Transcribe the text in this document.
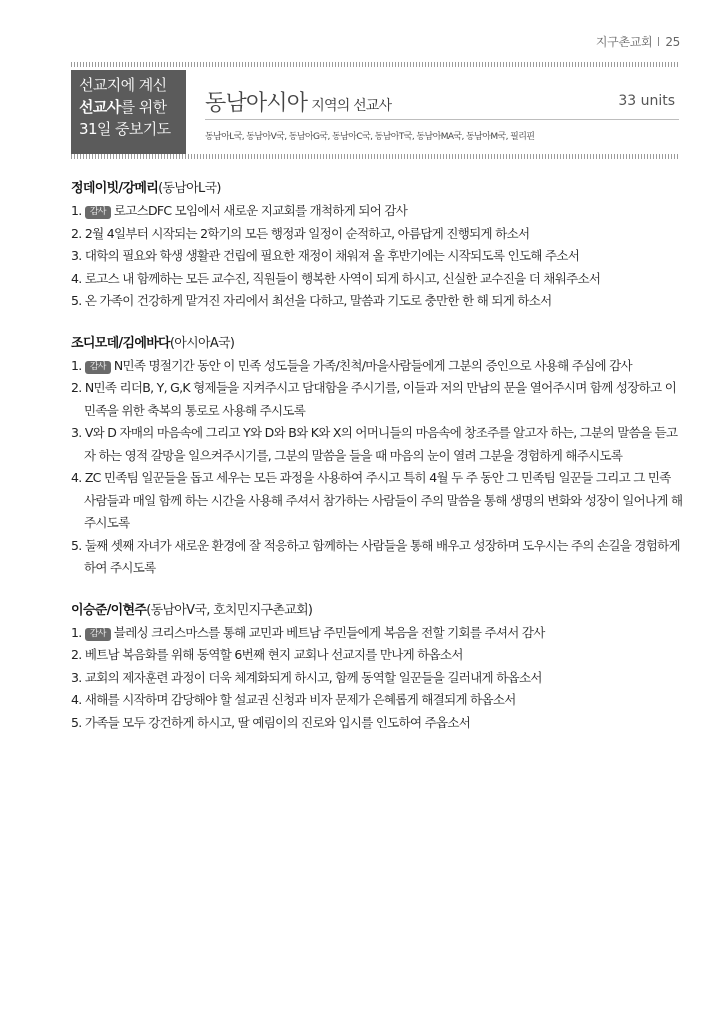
지구촌교회 25
선교지에 계신
선교사를 위한
31일 중보기도
동남아시아 지역의 선교사	33 units
동남아L국, 동남아V국, 동남아G국, 동남아C국, 동남아T국, 동남아MA국, 동남아M국, 필리핀

정데이빗/강메리(동남아L국)

1. 감사 로고스DFC 모임에서 새로운 지교회를 개척하게 되어 감사
2. 2월 4일부터 시작되는 2학기의 모든 행정과 일정이 순적하고, 아름답게 진행되게 하소서
3. 대학의 필요와 학생 생활관 건립에 필요한 재정이 채워져 올 후반기에는 시작되도록 인도해 주소서
4. 로고스 내 함께하는 모든 교수진, 직원들이 행복한 사역이 되게 하시고, 신실한 교수진을 더 채워주소서
5. 온 가족이 건강하게 맡겨진 자리에서 최선을 다하고, 말씀과 기도로 충만한 한 해 되게 하소서

조디모데/김에바다(아시아A국)

1. 감사 N민족 명절기간 동안 이 민족 성도들을 가족/친척/마을사람들에게 그분의 증인으로 사용해 주심에 감사
2. N민족 리더B, Y, G,K 형제들을 지켜주시고 담대함을 주시기를, 이들과 저의 만남의 문을 열어주시며 함께 성장하고 이 민족을 위한 축복의 통로로 사용해 주시도록
3. V와 D 자매의 마음속에 그리고 Y와 D와 B와 K와 X의 어머니들의 마음속에 창조주를 알고자 하는, 그분의 말씀을 듣고자 하는 영적 갈망을 일으켜주시기를, 그분의 말씀을 들을 때 마음의 눈이 열려 그분을 경험하게 해주시도록
4. ZC 민족팀 일꾼들을 돕고 세우는 모든 과정을 사용하여 주시고 특히 4월 두 주 동안 그 민족팀 일꾼들 그리고 그 민족 사람들과 매일 함께 하는 시간을 사용해 주셔서 참가하는 사람들이 주의 말씀을 통해 생명의 변화와 성장이 일어나게 해 주시도록
5. 둘째 셋째 자녀가 새로운 환경에 잘 적응하고 함께하는 사람들을 통해 배우고 성장하며 도우시는 주의 손길을 경험하게 하여 주시도록

이승준/이현주(동남아V국, 호치민지구촌교회)

1. 감사 블레싱 크리스마스를 통해 교민과 베트남 주민들에게 복음을 전할 기회를 주셔서 감사
2. 베트남 복음화를 위해 동역할 6번째 현지 교회나 선교지를 만나게 하옵소서
3. 교회의 제자훈련 과정이 더욱 체계화되게 하시고, 함께 동역할 일꾼들을 길러내게 하옵소서
4. 새해를 시작하며 감당해야 할 설교권 신청과 비자 문제가 은혜롭게 해결되게 하옵소서
5. 가족들 모두 강건하게 하시고, 딸 예림이의 진로와 입시를 인도하여 주옵소서
